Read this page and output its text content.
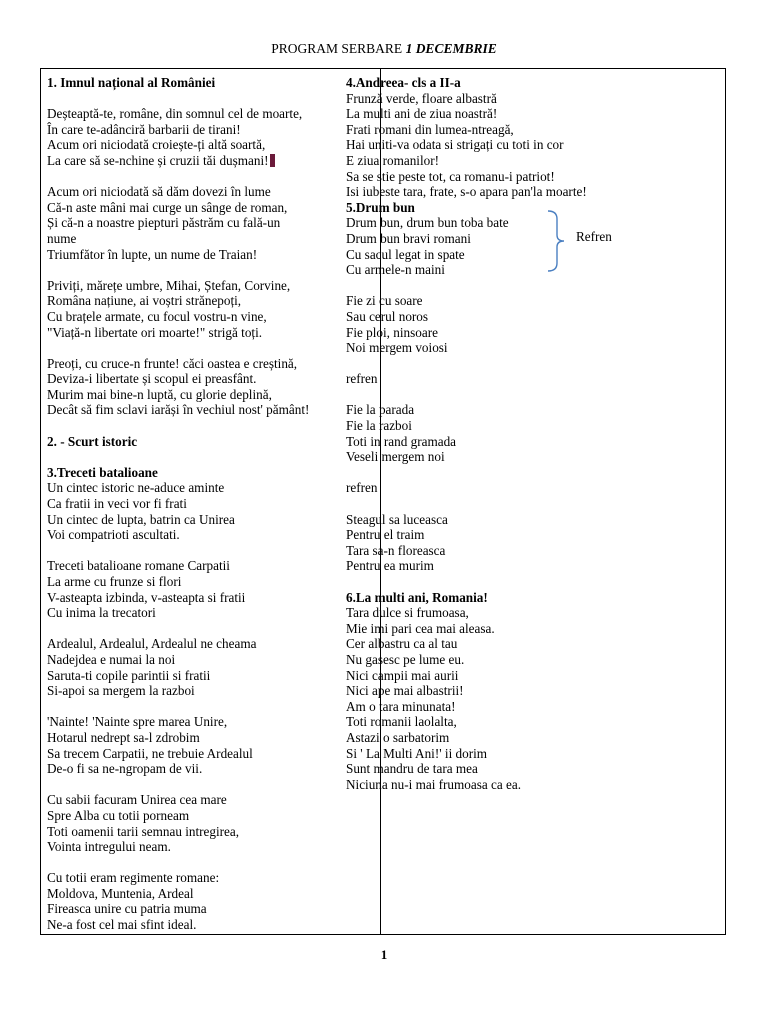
PROGRAM SERBARE 1 DECEMBRIE
1. Imnul național al României
Deșteaptă-te, române, din somnul cel de moarte,
În care te-adânciră barbarii de tirani!
Acum ori niciodată croiește-ți altă soartă,
La care să se-nchine și cruzii tăi dușmani!
Acum ori niciodată să dăm dovezi în lume
Că-n aste mâni mai curge un sânge de roman,
Și că-n a noastre piepturi păstrăm cu fală-un
nume
Triumfător în lupte, un nume de Traian!
Priviți, mărețe umbre, Mihai, Ștefan, Corvine,
Româna națiune, ai voștri strănepoți,
Cu brațele armate, cu focul vostru-n vine,
"Viață-n libertate ori moarte!" strigă toți.
Preoți, cu cruce-n frunte! căci oastea e creștină,
Deviza-i libertate și scopul ei preasfânt.
Murim mai bine-n luptă, cu glorie deplină,
Decât să fim sclavi iarăși în vechiul nost' pământ!
2. - Scurt istoric
3.Treceti batalioane
Un cintec istoric ne-aduce aminte
Ca fratii in veci vor fi frati
Un cintec de lupta, batrin ca Unirea
Voi compatrioti ascultati.
Treceti batalioane romane Carpatii
La arme cu frunze si flori
V-asteapta izbinda, v-asteapta si fratii
Cu inima la trecatori
Ardealul, Ardealul, Ardealul ne cheama
Nadejdea e numai la noi
Saruta-ti copile parintii si fratii
Si-apoi sa mergem la razboi
'Nainte! 'Nainte spre marea Unire,
Hotarul nedrept sa-l zdrobim
Sa trecem Carpatii, ne trebuie Ardealul
De-o fi sa ne-ngropam de vii.
Cu sabii facuram Unirea cea mare
Spre Alba cu totii porneam
Toti oamenii tarii semnau intregirea,
Vointa intregului neam.
Cu totii eram regimente romane:
Moldova, Muntenia, Ardeal
Fireasca unire cu patria muma
Ne-a fost cel mai sfint ideal.
4.Andreea- cls a II-a
Frunză verde, floare albastră
La multi ani de ziua noastră!
Frati romani din lumea-ntreagă,
Hai uniti-va odata si strigați cu toti in cor
E ziua romanilor!
Sa se stie peste tot, ca romanu-i patriot!
Isi iubeste tara, frate, s-o apara pan'la moarte!
5.Drum bun
Drum bun, drum bun toba bate
Drum bun bravi romani
Cu sacul legat in spate
Cu armele-n maini
Fie zi cu soare
Sau cerul noros
Fie ploi, ninsoare
Noi mergem voiosi
refren
Fie la parada
Fie la razboi
Toti in rand gramada
Veseli mergem noi
refren
Steagul sa luceasca
Pentru el traim
Tara sa-n floreasca
Pentru ea murim
6.La multi ani, Romania!
Tara dulce si frumoasa,
Mie imi pari cea mai aleasa.
Cer albastru ca al tau
Nu gasesc pe lume eu.
Nici campii mai aurii
Nici ape mai albastrii!
Am o tara minunata!
Toti romanii laolalta,
Astazi o sarbatorim
Si ' La Multi Ani!' ii dorim
Sunt mandru de tara mea
Niciuna nu-i mai frumoasa ca ea.
Refren
1
